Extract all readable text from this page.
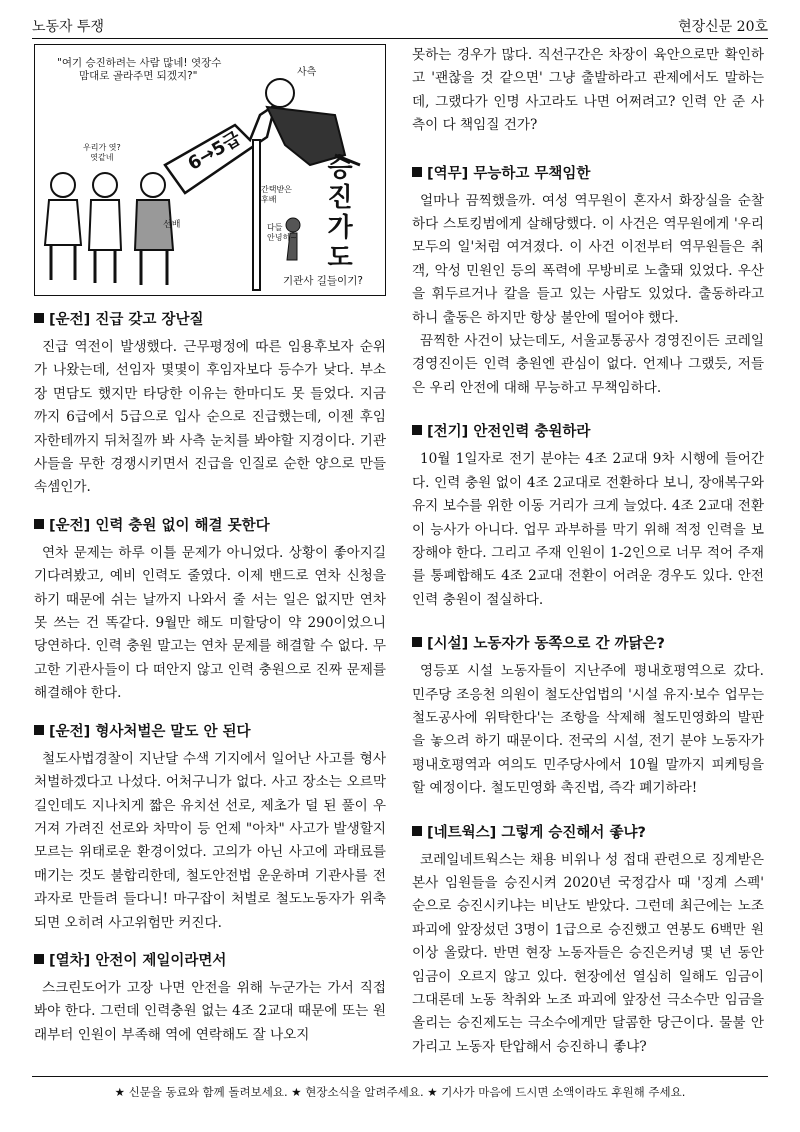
노동자 투쟁	현장신문 20호
"여기 승진하려는 사람 많네! 엿장수
맘대로 골라주면 되겠지?"	사측
6→5급	승
진
가
도
우리가 엿?
엿같네
선배
간택받은
후배
다들
안녕히~
기관사 길들이기?
[운전] 진급 갖고 장난질

진급 역전이 발생했다. 근무평정에 따른 임용후보자 순위가 나왔는데, 선임자 몇몇이 후임자보다 등수가 낮다. 부소장 면담도 했지만 타당한 이유는 한마디도 못 들었다. 지금까지 6급에서 5급으로 입사 순으로 진급했는데, 이젠 후임자한테까지 뒤처질까 봐 사측 눈치를 봐야할 지경이다. 기관사들을 무한 경쟁시키면서 진급을 인질로 순한 양으로 만들 속셈인가.

[운전] 인력 충원 없이 해결 못한다

연차 문제는 하루 이틀 문제가 아니었다. 상황이 좋아지길 기다려봤고, 예비 인력도 줄였다. 이제 밴드로 연차 신청을 하기 때문에 쉬는 날까지 나와서 줄 서는 일은 없지만 연차 못 쓰는 건 똑같다. 9월만 해도 미할당이 약 290이었으니 당연하다. 인력 충원 말고는 연차 문제를 해결할 수 없다. 무고한 기관사들이 다 떠안지 않고 인력 충원으로 진짜 문제를 해결해야 한다.

[운전] 형사처벌은 말도 안 된다

철도사법경찰이 지난달 수색 기지에서 일어난 사고를 형사처벌하겠다고 나섰다. 어처구니가 없다. 사고 장소는 오르막길인데도 지나치게 짧은 유치선 선로, 제초가 덜 된 풀이 우거져 가려진 선로와 차막이 등 언제 "아차" 사고가 발생할지 모르는 위태로운 환경이었다. 고의가 아닌 사고에 과태료를 매기는 것도 불합리한데, 철도안전법 운운하며 기관사를 전과자로 만들려 들다니! 마구잡이 처벌로 철도노동자가 위축되면 오히려 사고위험만 커진다.

[열차] 안전이 제일이라면서

스크린도어가 고장 나면 안전을 위해 누군가는 가서 직접 봐야 한다. 그런데 인력충원 없는 4조 2교대 때문에 또는 원래부터 인원이 부족해 역에 연락해도 잘 나오지

못하는 경우가 많다. 직선구간은 차장이 육안으로만 확인하고 '괜찮을 것 같으면' 그냥 출발하라고 관제에서도 말하는데, 그랬다가 인명 사고라도 나면 어쩌려고? 인력 안 준 사측이 다 책임질 건가?

[역무] 무능하고 무책임한

얼마나 끔찍했을까. 여성 역무원이 혼자서 화장실을 순찰하다 스토킹범에게 살해당했다. 이 사건은 역무원에게 '우리 모두의 일'처럼 여겨졌다. 이 사건 이전부터 역무원들은 취객, 악성 민원인 등의 폭력에 무방비로 노출돼 있었다. 우산을 휘두르거나 칼을 들고 있는 사람도 있었다. 출동하라고 하니 출동은 하지만 항상 불안에 떨어야 했다.

끔찍한 사건이 났는데도, 서울교통공사 경영진이든 코레일 경영진이든 인력 충원엔 관심이 없다. 언제나 그랬듯, 저들은 우리 안전에 대해 무능하고 무책임하다.

[전기] 안전인력 충원하라

10월 1일자로 전기 분야는 4조 2교대 9차 시행에 들어간다. 인력 충원 없이 4조 2교대로 전환하다 보니, 장애복구와 유지 보수를 위한 이동 거리가 크게 늘었다. 4조 2교대 전환이 능사가 아니다. 업무 과부하를 막기 위해 적정 인력을 보장해야 한다. 그리고 주재 인원이 1-2인으로 너무 적어 주재를 통폐합해도 4조 2교대 전환이 어려운 경우도 있다. 안전인력 충원이 절실하다.

[시설] 노동자가 동쪽으로 간 까닭은?

영등포 시설 노동자들이 지난주에 평내호평역으로 갔다. 민주당 조응천 의원이 철도산업법의 '시설 유지·보수 업무는 철도공사에 위탁한다'는 조항을 삭제해 철도민영화의 발판을 놓으려 하기 때문이다. 전국의 시설, 전기 분야 노동자가 평내호평역과 여의도 민주당사에서 10월 말까지 피케팅을 할 예정이다. 철도민영화 촉진법, 즉각 폐기하라!

[네트웍스] 그렇게 승진해서 좋냐?

코레일네트웍스는 채용 비위나 성 접대 관련으로 징계받은 본사 임원들을 승진시켜 2020년 국정감사 때 '징계 스펙' 순으로 승진시키냐는 비난도 받았다. 그런데 최근에는 노조 파괴에 앞장섰던 3명이 1급으로 승진했고 연봉도 6백만 원 이상 올랐다. 반면 현장 노동자들은 승진은커녕 몇 년 동안 임금이 오르지 않고 있다. 현장에선 열심히 일해도 임금이 그대론데 노동 착취와 노조 파괴에 앞장선 극소수만 임금을 올리는 승진제도는 극소수에게만 달콤한 당근이다. 물불 안 가리고 노동자 탄압해서 승진하니 좋냐?

★ 신문을 동료와 함께 돌려보세요. ★ 현장소식을 알려주세요. ★ 기사가 마음에 드시면 소액이라도 후원해 주세요.
